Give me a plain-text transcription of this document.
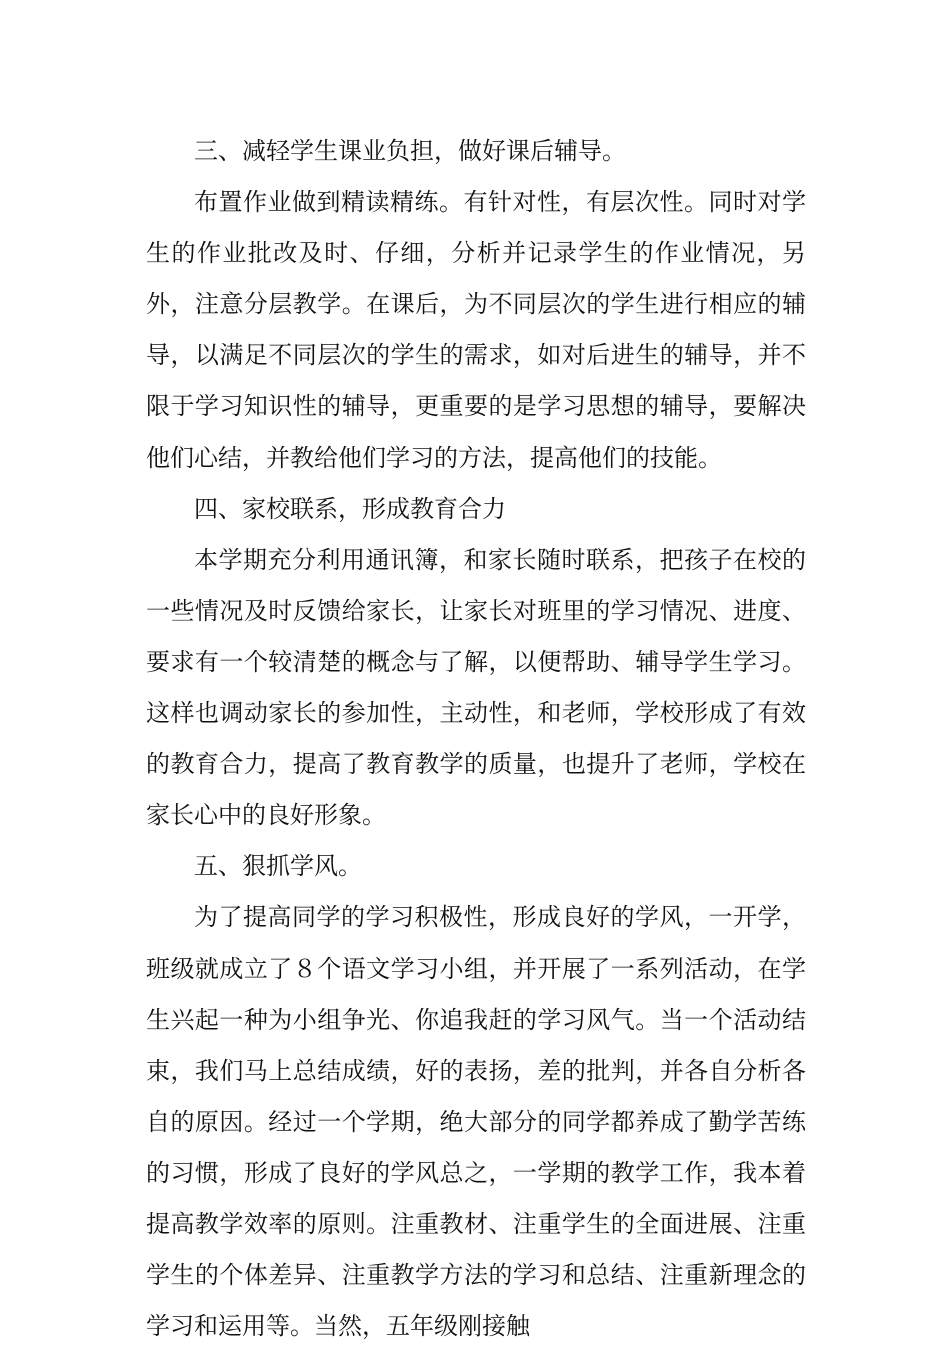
三、减轻学生课业负担，做好课后辅导。

布置作业做到精读精练。有针对性，有层次性。同时对学生的作业批改及时、仔细，分析并记录学生的作业情况，另外，注意分层教学。在课后，为不同层次的学生进行相应的辅导，以满足不同层次的学生的需求，如对后进生的辅导，并不限于学习知识性的辅导，更重要的是学习思想的辅导，要解决他们心结，并教给他们学习的方法，提高他们的技能。

四、家校联系，形成教育合力

本学期充分利用通讯簿，和家长随时联系，把孩子在校的一些情况及时反馈给家长，让家长对班里的学习情况、进度、要求有一个较清楚的概念与了解，以便帮助、辅导学生学习。这样也调动家长的参加性，主动性，和老师，学校形成了有效的教育合力，提高了教育教学的质量，也提升了老师，学校在家长心中的良好形象。

五、狠抓学风。

为了提高同学的学习积极性，形成良好的学风，一开学，班级就成立了８个语文学习小组，并开展了一系列活动，在学生兴起一种为小组争光、你追我赶的学习风气。当一个活动结束，我们马上总结成绩，好的表扬，差的批判，并各自分析各自的原因。经过一个学期，绝大部分的同学都养成了勤学苦练的习惯，形成了良好的学风总之，一学期的教学工作，我本着提高教学效率的原则。注重教材、注重学生的全面进展、注重学生的个体差异、注重教学方法的学习和总结、注重新理念的学习和运用等。当然，五年级刚接触
